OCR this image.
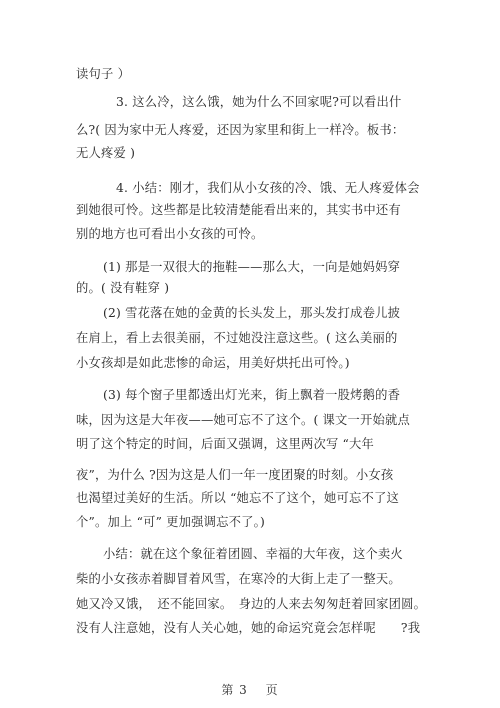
读句子 ）
3. 这么冷，这么饿，她为什么不回家呢?可以看出什
么?( 因为家中无人疼爱，还因为家里和街上一样冷。板书：
无人疼爱 )
4. 小结：刚才，我们从小女孩的冷、饿、无人疼爱体会
到她很可怜。这些都是比较清楚能看出来的，其实书中还有
别的地方也可看出小女孩的可怜。
(1) 那是一双很大的拖鞋——那么大，一向是她妈妈穿
的。( 没有鞋穿 )
(2) 雪花落在她的金黄的长头发上，那头发打成卷儿披
在肩上，看上去很美丽，不过她没注意这些。( 这么美丽的
小女孩却是如此悲惨的命运，用美好烘托出可怜。)
(3) 每个窗子里都透出灯光来，街上飘着一股烤鹅的香
味，因为这是大年夜——她可忘不了这个。( 课文一开始就点
明了这个特定的时间，后面又强调，这里两次写 “大年
夜”，为什么 ?因为这是人们一年一度团聚的时刻。小女孩
也渴望过美好的生活。所以 “她忘不了这个，她可忘不了这
个”。加上 “可” 更加强调忘不了。)
小结：就在这个象征着团圆、幸福的大年夜，这个卖火
柴的小女孩赤着脚冒着风雪，在寒冷的大街上走了一整天。
她又冷又饿，　还不能回家。　身边的人来去匆匆赶着回家团圆。
没有人注意她，没有人关心她，她的命运究竟会怎样呢　　?我
第 3　 页
